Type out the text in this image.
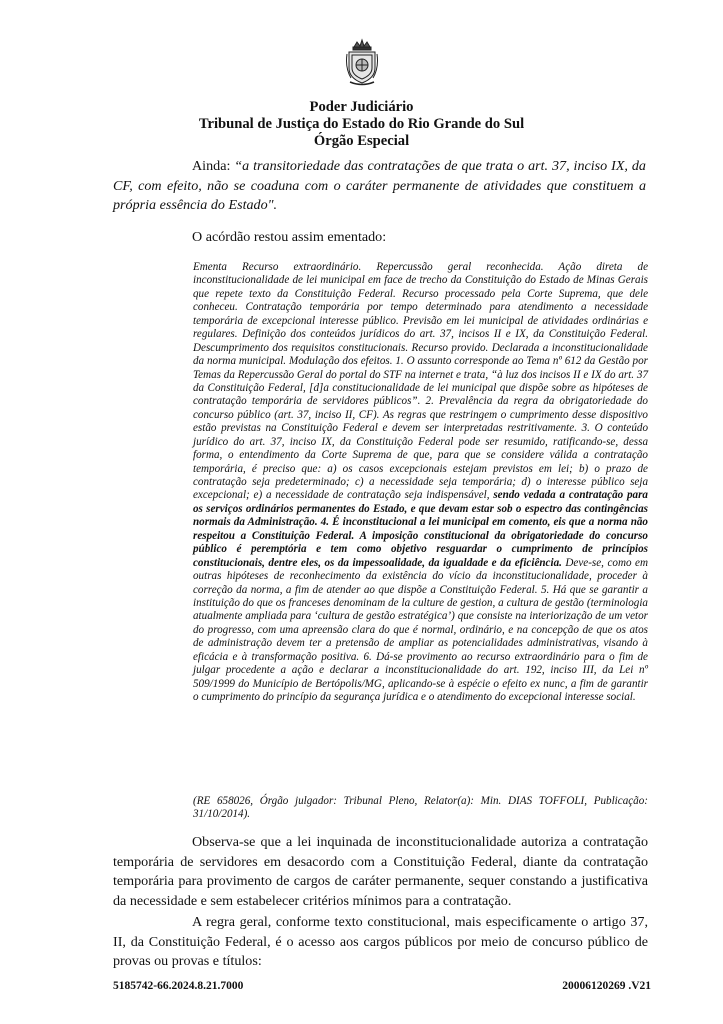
Poder Judiciário
Tribunal de Justiça do Estado do Rio Grande do Sul
Órgão Especial

Ainda: “a transitoriedade das contratações de que trata o art. 37, inciso IX, da CF, com efeito, não se coaduna com o caráter permanente de atividades que constituem a própria essência do Estado".

O acórdão restou assim ementado:

Ementa Recurso extraordinário. Repercussão geral reconhecida. Ação direta de inconstitucionalidade de lei municipal em face de trecho da Constituição do Estado de Minas Gerais que repete texto da Constituição Federal. Recurso processado pela Corte Suprema, que dele conheceu. Contratação temporária por tempo determinado para atendimento a necessidade temporária de excepcional interesse público. Previsão em lei municipal de atividades ordinárias e regulares. Definição dos conteúdos jurídicos do art. 37, incisos II e IX, da Constituição Federal. Descumprimento dos requisitos constitucionais. Recurso provido. Declarada a inconstitucionalidade da norma municipal. Modulação dos efeitos. 1. O assunto corresponde ao Tema nº 612 da Gestão por Temas da Repercussão Geral do portal do STF na internet e trata, “à luz dos incisos II e IX do art. 37 da Constituição Federal, [d]a constitucionalidade de lei municipal que dispõe sobre as hipóteses de contratação temporária de servidores públicos”. 2. Prevalência da regra da obrigatoriedade do concurso público (art. 37, inciso II, CF). As regras que restringem o cumprimento desse dispositivo estão previstas na Constituição Federal e devem ser interpretadas restritivamente. 3. O conteúdo jurídico do art. 37, inciso IX, da Constituição Federal pode ser resumido, ratificando-se, dessa forma, o entendimento da Corte Suprema de que, para que se considere válida a contratação temporária, é preciso que: a) os casos excepcionais estejam previstos em lei; b) o prazo de contratação seja predeterminado; c) a necessidade seja temporária; d) o interesse público seja excepcional; e) a necessidade de contratação seja indispensável, sendo vedada a contratação para os serviços ordinários permanentes do Estado, e que devam estar sob o espectro das contingências normais da Administração. 4. É inconstitucional a lei municipal em comento, eis que a norma não respeitou a Constituição Federal. A imposição constitucional da obrigatoriedade do concurso público é peremptória e tem como objetivo resguardar o cumprimento de princípios constitucionais, dentre eles, os da impessoalidade, da igualdade e da eficiência. Deve-se, como em outras hipóteses de reconhecimento da existência do vício da inconstitucionalidade, proceder à correção da norma, a fim de atender ao que dispõe a Constituição Federal. 5. Há que se garantir a instituição do que os franceses denominam de la culture de gestion, a cultura de gestão (terminologia atualmente ampliada para ‘cultura de gestão estratégica’) que consiste na interiorização de um vetor do progresso, com uma apreensão clara do que é normal, ordinário, e na concepção de que os atos de administração devem ter a pretensão de ampliar as potencialidades administrativas, visando à eficácia e à transformação positiva. 6. Dá-se provimento ao recurso extraordinário para o fim de julgar procedente a ação e declarar a inconstitucionalidade do art. 192, inciso III, da Lei nº 509/1999 do Município de Bertópolis/MG, aplicando-se à espécie o efeito ex nunc, a fim de garantir o cumprimento do princípio da segurança jurídica e o atendimento do excepcional interesse social.

(RE 658026, Órgão julgador: Tribunal Pleno, Relator(a): Min. DIAS TOFFOLI, Publicação: 31/10/2014).

Observa-se que a lei inquinada de inconstitucionalidade autoriza a contratação temporária de servidores em desacordo com a Constituição Federal, diante da contratação temporária para provimento de cargos de caráter permanente, sequer constando a justificativa da necessidade e sem estabelecer critérios mínimos para a contratação.

A regra geral, conforme texto constitucional, mais especificamente o artigo 37, II, da Constituição Federal, é o acesso aos cargos públicos por meio de concurso público de provas ou provas e títulos:

5185742-66.2024.8.21.7000	20006120269 .V21
